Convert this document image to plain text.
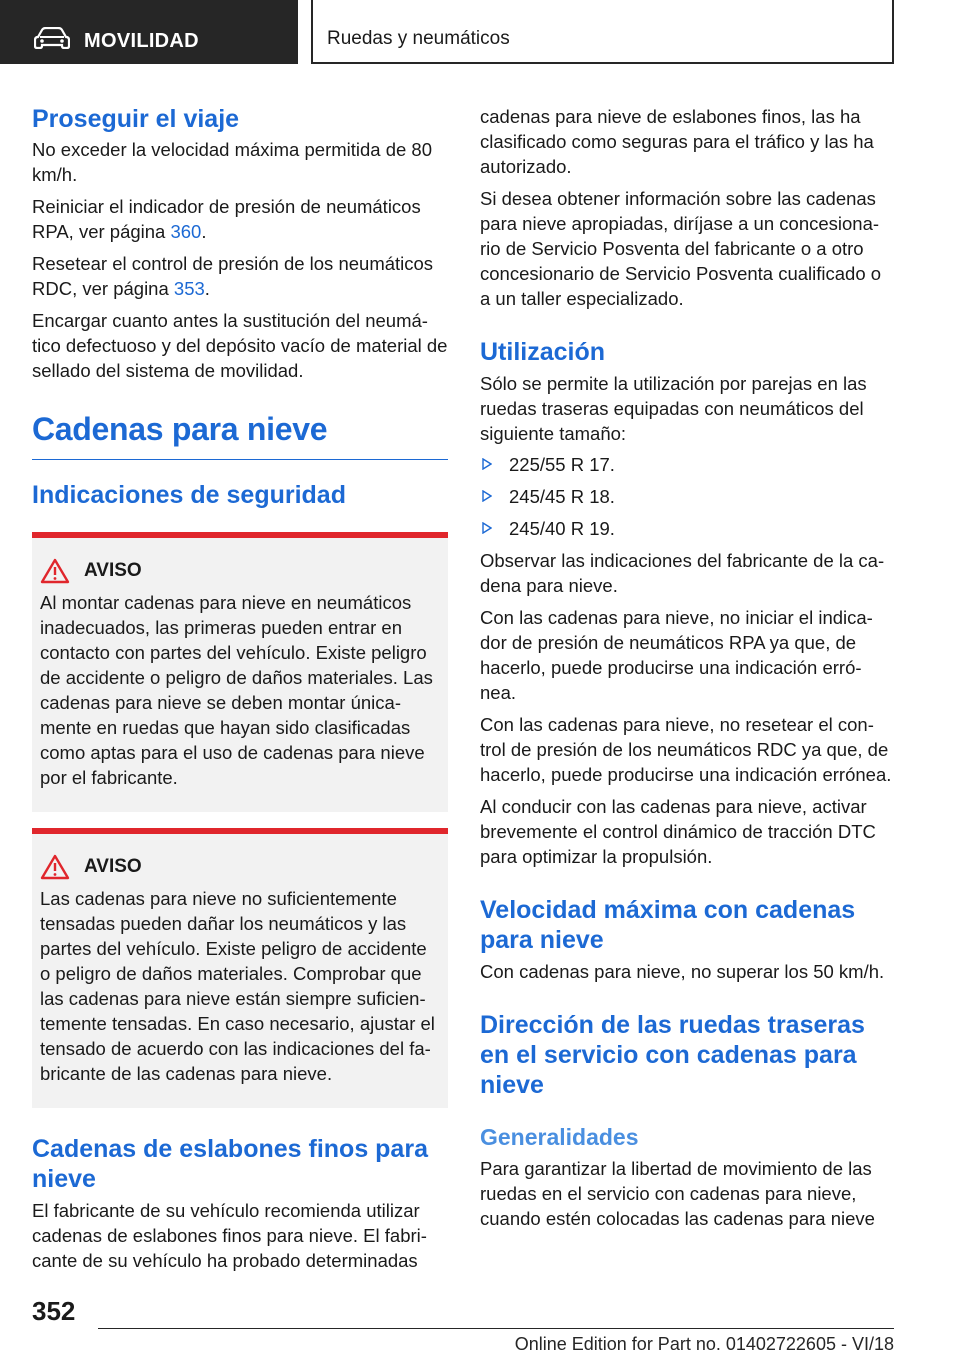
MOVILIDAD	Ruedas y neumáticos
Proseguir el viaje

No exceder la velocidad máxima permitida de 80 km/h.

Reiniciar el indicador de presión de neumáticos RPA, ver página 360.

Resetear el control de presión de los neumáticos RDC, ver página 353.

Encargar cuanto antes la sustitución del neumá-tico defectuoso y del depósito vacío de material de sellado del sistema de movilidad.

Cadenas para nieve
Indicaciones de seguridad
AVISO

Al montar cadenas para nieve en neumáticos inadecuados, las primeras pueden entrar en contacto con partes del vehículo. Existe peligro de accidente o peligro de daños materiales. Las cadenas para nieve se deben montar única-mente en ruedas que hayan sido clasificadas como aptas para el uso de cadenas para nieve por el fabricante.

AVISO

Las cadenas para nieve no suficientemente tensadas pueden dañar los neumáticos y las partes del vehículo. Existe peligro de accidente o peligro de daños materiales. Comprobar que las cadenas para nieve están siempre suficien-temente tensadas. En caso necesario, ajustar el tensado de acuerdo con las indicaciones del fa-bricante de las cadenas para nieve.

Cadenas de eslabones finos para nieve

El fabricante de su vehículo recomienda utilizar cadenas de eslabones finos para nieve. El fabri-cante de su vehículo ha probado determinadas

cadenas para nieve de eslabones finos, las ha clasificado como seguras para el tráfico y las ha autorizado.

Si desea obtener información sobre las cadenas para nieve apropiadas, diríjase a un concesiona-rio de Servicio Posventa del fabricante o a otro concesionario de Servicio Posventa cualificado o a un taller especializado.

Utilización

Sólo se permite la utilización por parejas en las ruedas traseras equipadas con neumáticos del siguiente tamaño:

225/55 R 17.
245/45 R 18.
245/40 R 19.

Observar las indicaciones del fabricante de la ca-dena para nieve.

Con las cadenas para nieve, no iniciar el indica-dor de presión de neumáticos RPA ya que, de hacerlo, puede producirse una indicación erró-nea.

Con las cadenas para nieve, no resetear el con-trol de presión de los neumáticos RDC ya que, de hacerlo, puede producirse una indicación errónea.

Al conducir con las cadenas para nieve, activar brevemente el control dinámico de tracción DTC para optimizar la propulsión.

Velocidad máxima con cadenas para nieve

Con cadenas para nieve, no superar los 50 km/h.

Dirección de las ruedas traseras en el servicio con cadenas para nieve
Generalidades

Para garantizar la libertad de movimiento de las ruedas en el servicio con cadenas para nieve, cuando estén colocadas las cadenas para nieve

352
Online Edition for Part no. 01402722605 - VI/18
